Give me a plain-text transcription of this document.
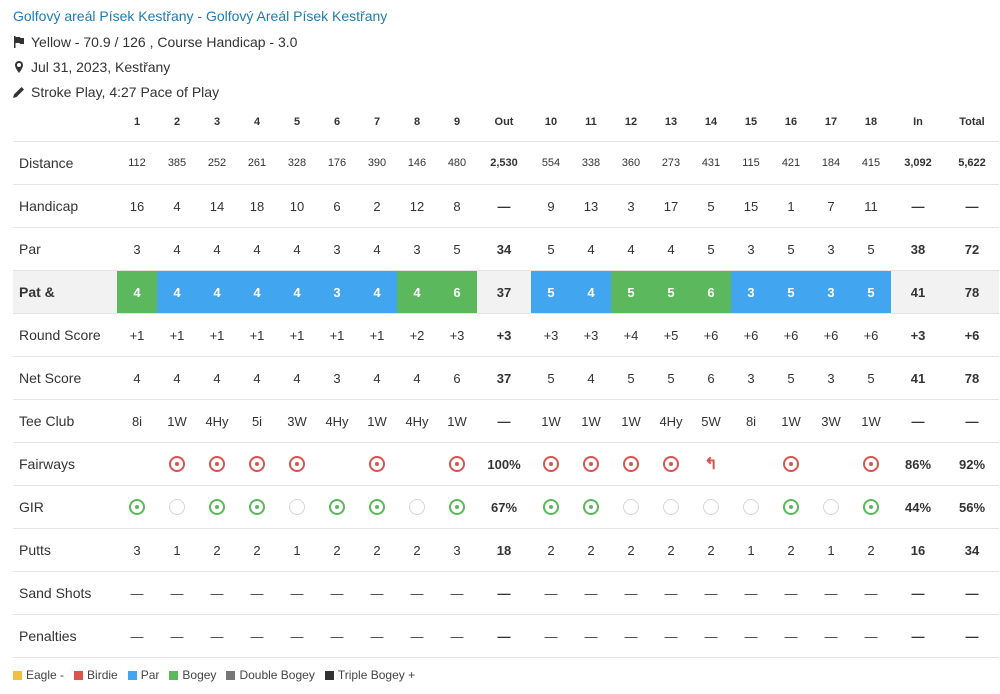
Golfový areál Písek Kestřany - Golfový Areál Písek Kestřany
Yellow - 70.9 / 126 , Course Handicap - 3.0
Jul 31, 2023, Kestřany
Stroke Play, 4:27 Pace of Play
	1	2	3	4	5	6	7	8	9	Out	10	11	12	13	14	15	16	17	18	In	Total
Distance	112	385	252	261	328	176	390	146	480	2,530	554	338	360	273	431	115	421	184	415	3,092	5,622
Handicap	16	4	14	18	10	6	2	12	8	—	9	13	3	17	5	15	1	7	11	—	—
Par	3	4	4	4	4	3	4	3	5	34	5	4	4	4	5	3	5	3	5	38	72
Pat &	4	4	4	4	4	3	4	4	6	37	5	4	5	5	6	3	5	3	5	41	78
Round Score	+1	+1	+1	+1	+1	+1	+1	+2	+3	+3	+3	+3	+4	+5	+6	+6	+6	+6	+6	+3	+6
Net Score	4	4	4	4	4	3	4	4	6	37	5	4	5	5	6	3	5	3	5	41	78
Tee Club	8i	1W	4Hy	5i	3W	4Hy	1W	4Hy	1W	—	1W	1W	1W	4Hy	5W	8i	1W	3W	1W	—	—
Fairways										100%					↰					86%	92%
GIR										67%										44%	56%
Putts	3	1	2	2	1	2	2	2	3	18	2	2	2	2	2	1	2	1	2	16	34
Sand Shots	—	—	—	—	—	—	—	—	—	—	—	—	—	—	—	—	—	—	—	—	—
Penalties	—	—	—	—	—	—	—	—	—	—	—	—	—	—	—	—	—	—	—	—	—
Eagle - Birdie Par Bogey Double Bogey Triple Bogey +
